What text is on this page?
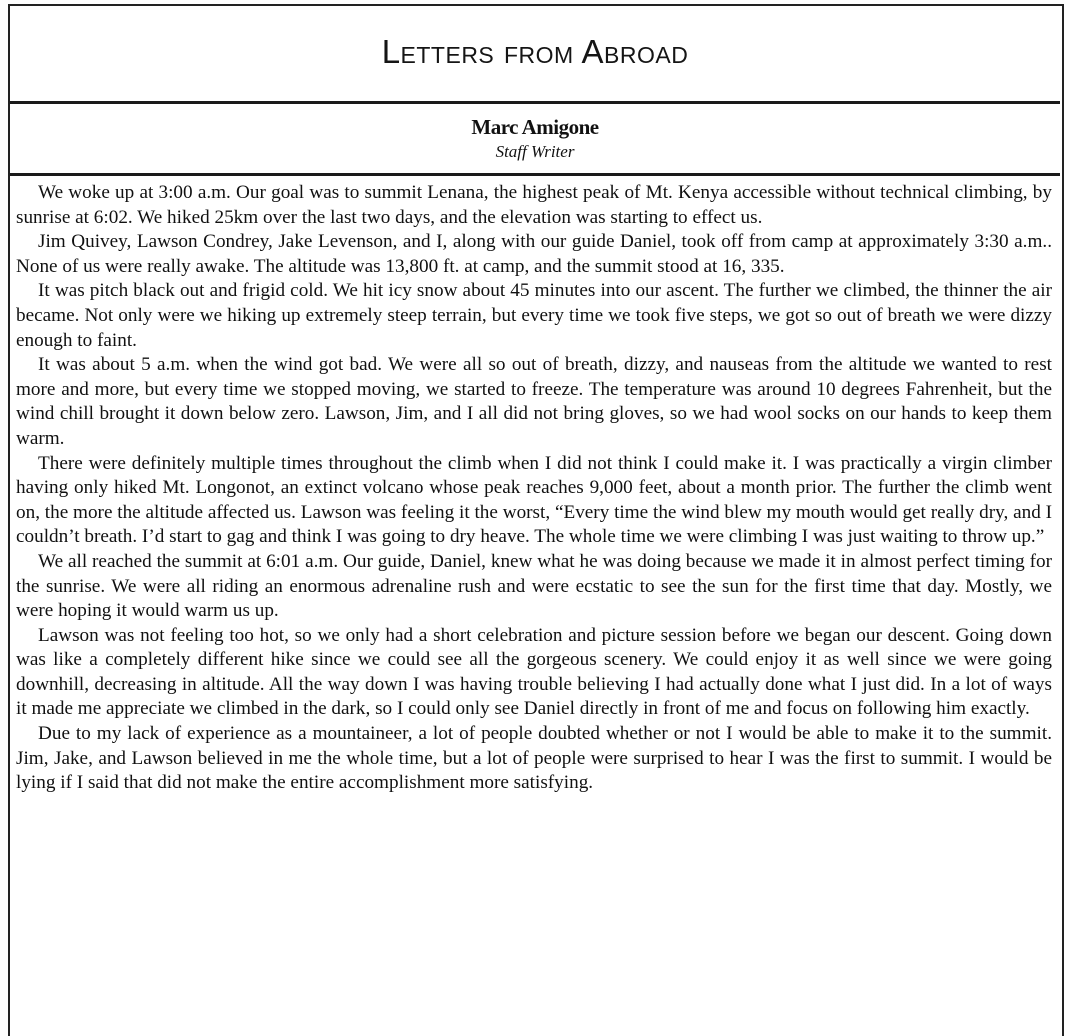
Letters from Abroad
Marc Amigone
Staff Writer

We woke up at 3:00 a.m. Our goal was to summit Lenana, the highest peak of Mt. Kenya accessible without technical climbing, by sunrise at 6:02. We hiked 25km over the last two days, and the elevation was starting to effect us.

Jim Quivey, Lawson Condrey, Jake Levenson, and I, along with our guide Daniel, took off from camp at approximately 3:30 a.m.. None of us were really awake. The altitude was 13,800 ft. at camp, and the summit stood at 16, 335.

It was pitch black out and frigid cold. We hit icy snow about 45 minutes into our ascent. The further we climbed, the thinner the air became. Not only were we hiking up extremely steep terrain, but every time we took five steps, we got so out of breath we were dizzy enough to faint.

It was about 5 a.m. when the wind got bad. We were all so out of breath, dizzy, and nauseas from the altitude we wanted to rest more and more, but every time we stopped moving, we started to freeze. The temperature was around 10 degrees Fahrenheit, but the wind chill brought it down below zero. Lawson, Jim, and I all did not bring gloves, so we had wool socks on our hands to keep them warm.

There were definitely multiple times throughout the climb when I did not think I could make it. I was practically a virgin climber having only hiked Mt. Longonot, an extinct volcano whose peak reaches 9,000 feet, about a month prior. The further the climb went on, the more the altitude affected us. Lawson was feeling it the worst, “Every time the wind blew my mouth would get really dry, and I couldn’t breath. I’d start to gag and think I was going to dry heave. The whole time we were climbing I was just waiting to throw up.”

We all reached the summit at 6:01 a.m. Our guide, Daniel, knew what he was doing because we made it in almost perfect timing for the sunrise. We were all riding an enormous adrenaline rush and were ecstatic to see the sun for the first time that day. Mostly, we were hoping it would warm us up.

Lawson was not feeling too hot, so we only had a short celebration and picture session before we began our descent. Going down was like a completely different hike since we could see all the gorgeous scenery. We could enjoy it as well since we were going downhill, decreasing in altitude. All the way down I was having trouble believing I had actually done what I just did. In a lot of ways it made me appreciate we climbed in the dark, so I could only see Daniel directly in front of me and focus on following him exactly.

Due to my lack of experience as a mountaineer, a lot of people doubted whether or not I would be able to make it to the summit. Jim, Jake, and Lawson believed in me the whole time, but a lot of people were surprised to hear I was the first to summit. I would be lying if I said that did not make the entire accomplishment more satisfying.
